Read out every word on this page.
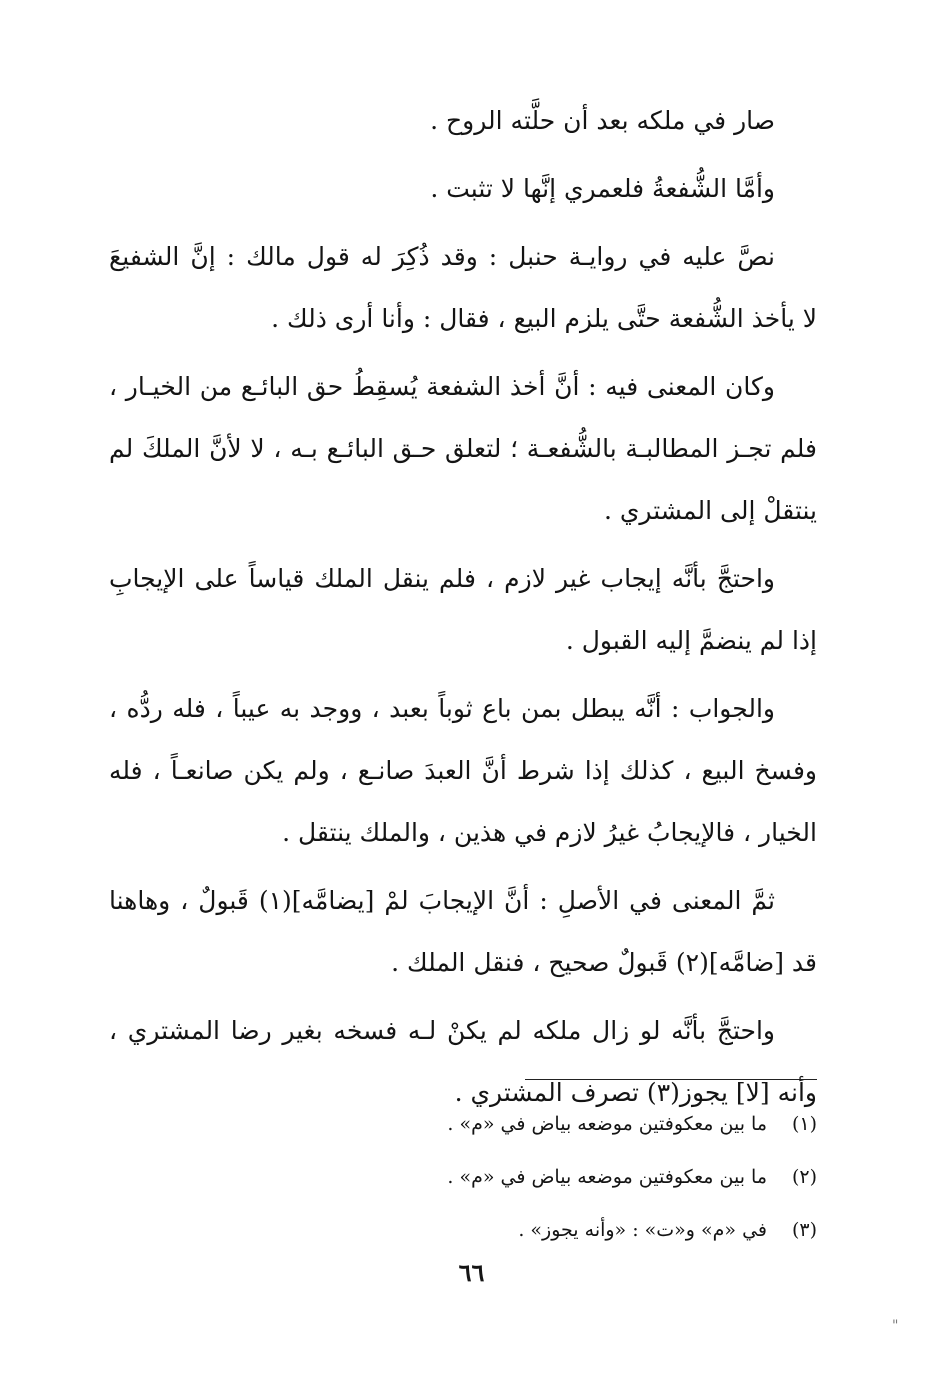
صار في ملكه بعد أن حلَّته الروح .
وأمَّا الشُّفعةُ فلعمري إنَّها لا تثبت .
نصَّ عليه في روايـة حنبل : وقد ذُكِرَ له قول مالك : إنَّ الشفيعَ
لا يأخذ الشُّفعة حتَّى يلزم البيع ، فقال : وأنا أرى ذلك .
وكان المعنى فيه : أنَّ أخذ الشفعة يُسقِطُ حق البائـع من الخيـار ،
فلم تجـز المطالبـة بالشُّفعـة ؛ لتعلق حـق البائـع بـه ، لا لأنَّ الملكَ لم
ينتقلْ إلى المشتري .
واحتجَّ بأنَّه إيجاب غير لازم ، فلم ينقل الملك قياساً على الإيجابِ
إذا لم ينضمَّ إليه القبول .
والجواب : أنَّه يبطل بمن باع ثوباً بعبد ، ووجد به عيباً ، فله ردُّه ،
وفسخ البيع ، كذلك إذا شرط أنَّ العبدَ صانـع ، ولم يكن صانعـاً ، فله
الخيار ، فالإيجابُ غيرُ لازم في هذين ، والملك ينتقل .
ثمَّ المعنى في الأصلِ : أنَّ الإيجابَ لمْ [يضامَّه](١) قَبولٌ ، وهاهنا
قد [ضامَّه](٢) قَبولٌ صحيح ، فنقل الملك .
واحتجَّ بأنَّه لو زال ملكه لم يكنْ لـه فسخه بغير رضا المشتري ،
وأنه [لا] يجوز(٣) تصرف المشتري .
(١)
ما بين معكوفتين موضعه بياض في «م» .
(٢)
ما بين معكوفتين موضعه بياض في «م» .
(٣)
في «م» و«ت» : «وأنه يجوز» .
٦٦
"
